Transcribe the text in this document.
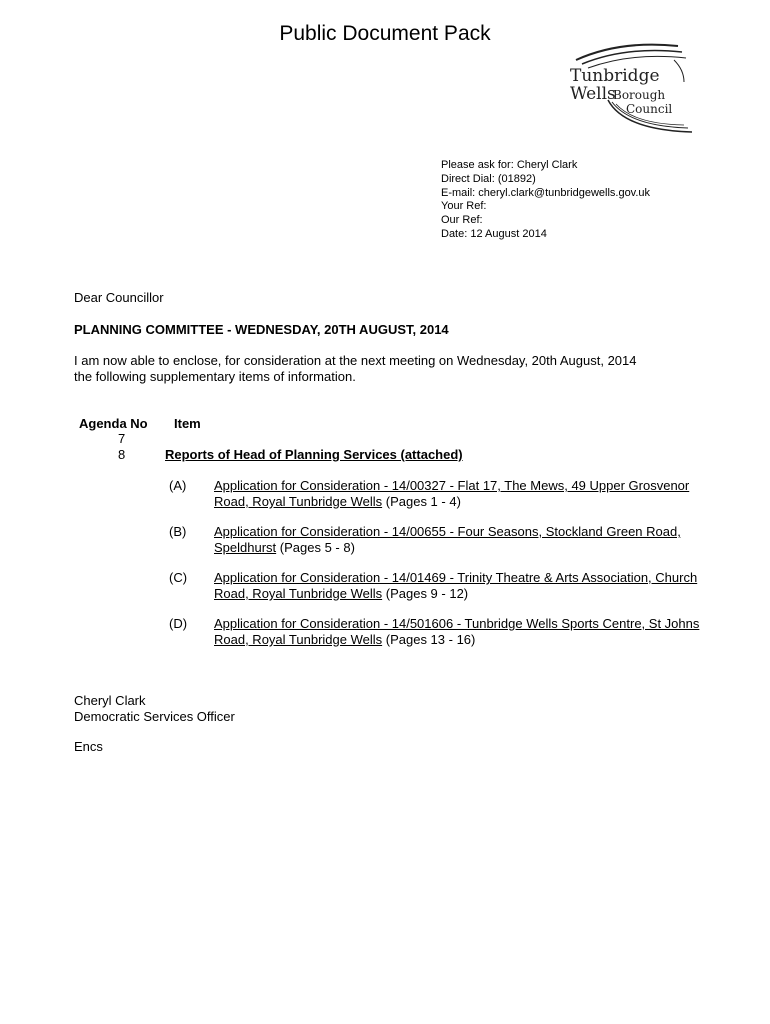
Public Document Pack
Tunbridge
Wells
Borough
Council
Please ask for: Cheryl Clark
Direct Dial: (01892)
E-mail: cheryl.clark@tunbridgewells.gov.uk
Your Ref:
Our Ref:
Date: 12 August 2014
Dear Councillor
PLANNING COMMITTEE - WEDNESDAY, 20TH AUGUST, 2014
I am now able to enclose, for consideration at the next meeting on Wednesday, 20th August, 2014
the following supplementary items of information.
Agenda No Item
7
8	Reports of Head of Planning Services (attached)
(A) Application for Consideration - 14/00327 - Flat 17, The Mews, 49 Upper Grosvenor
Road, Royal Tunbridge Wells (Pages 1 - 4)
(B) Application for Consideration - 14/00655 - Four Seasons, Stockland Green Road,
Speldhurst (Pages 5 - 8)
(C) Application for Consideration - 14/01469 - Trinity Theatre & Arts Association, Church
Road, Royal Tunbridge Wells (Pages 9 - 12)
(D) Application for Consideration - 14/501606 - Tunbridge Wells Sports Centre, St Johns
Road, Royal Tunbridge Wells (Pages 13 - 16)
Cheryl Clark
Democratic Services Officer
Encs
